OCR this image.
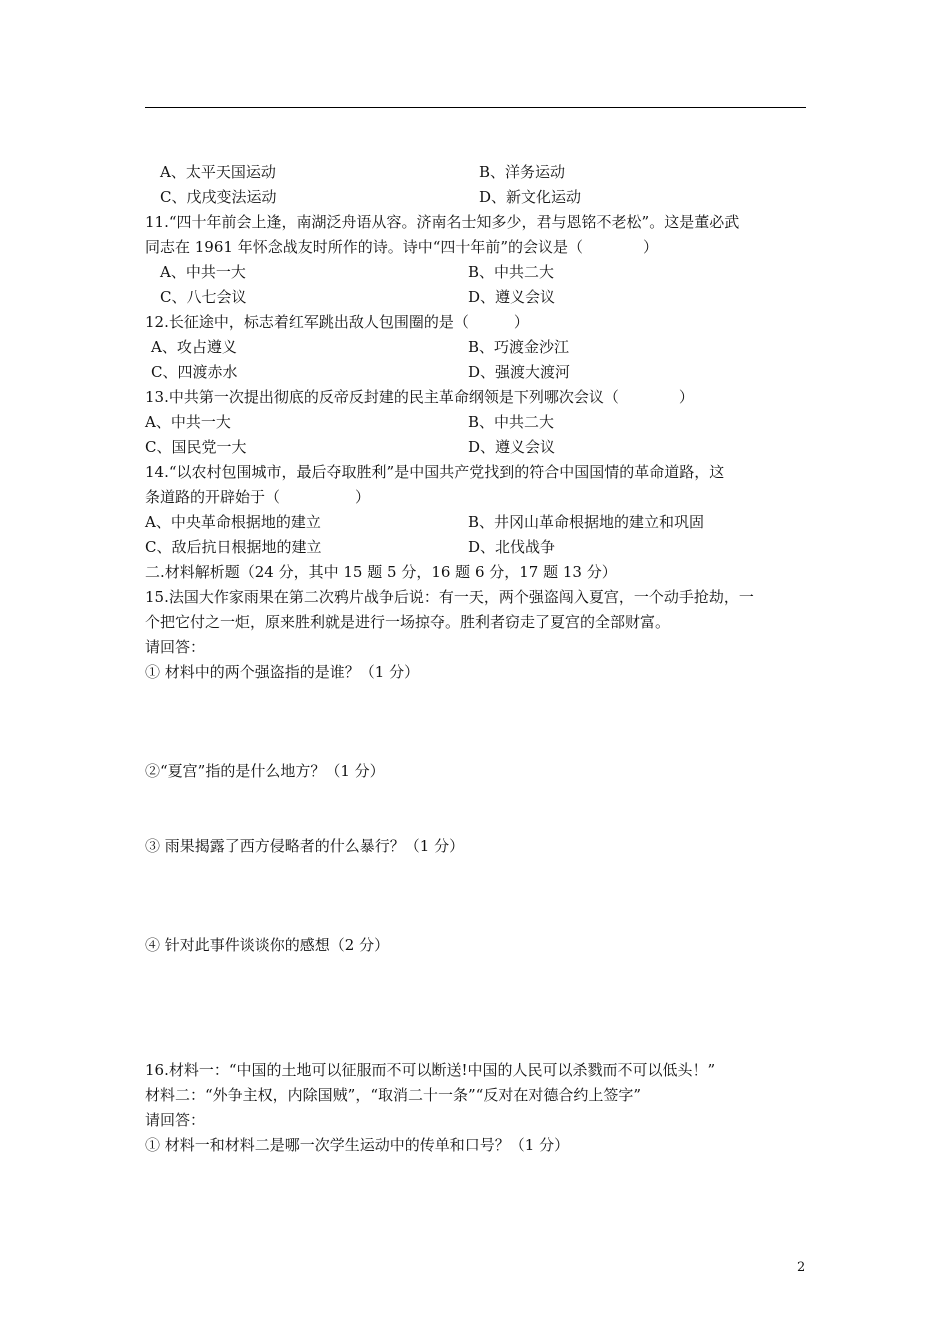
A、太平天国运动	B、洋务运动
C、戊戌变法运动	D、新文化运动
11.“四十年前会上逢，南湖泛舟语从容。济南名士知多少，君与恩铭不老松”。这是董必武
同志在 1961 年怀念战友时所作的诗。诗中“四十年前”的会议是（　　　　）
A、中共一大	B、中共二大
C、八七会议	D、遵义会议
12.长征途中，标志着红军跳出敌人包围圈的是（　　　）
A、攻占遵义	B、巧渡金沙江
C、四渡赤水	D、强渡大渡河
13.中共第一次提出彻底的反帝反封建的民主革命纲领是下列哪次会议（　　　　）
A、中共一大	B、中共二大
C、国民党一大	D、遵义会议
14.“以农村包围城市，最后夺取胜利”是中国共产党找到的符合中国国情的革命道路，这
条道路的开辟始于（　　　　　）
A、中央革命根据地的建立	B、井冈山革命根据地的建立和巩固
C、敌后抗日根据地的建立	D、北伐战争
二.材料解析题（24 分，其中 15 题 5 分，16 题 6 分，17 题 13 分）
15.法国大作家雨果在第二次鸦片战争后说：有一天，两个强盗闯入夏宫，一个动手抢劫，一
个把它付之一炬，原来胜利就是进行一场掠夺。胜利者窃走了夏宫的全部财富。
请回答：
① 材料中的两个强盗指的是谁？（1 分）
②“夏宫”指的是什么地方？（1 分）
③ 雨果揭露了西方侵略者的什么暴行？（1 分）
④ 针对此事件谈谈你的感想（2 分）
16.材料一：“中国的土地可以征服而不可以断送!中国的人民可以杀戮而不可以低头！”
材料二：“外争主权，内除国贼”，“取消二十一条”“反对在对德合约上签字”
请回答：
① 材料一和材料二是哪一次学生运动中的传单和口号？（1 分）
2
